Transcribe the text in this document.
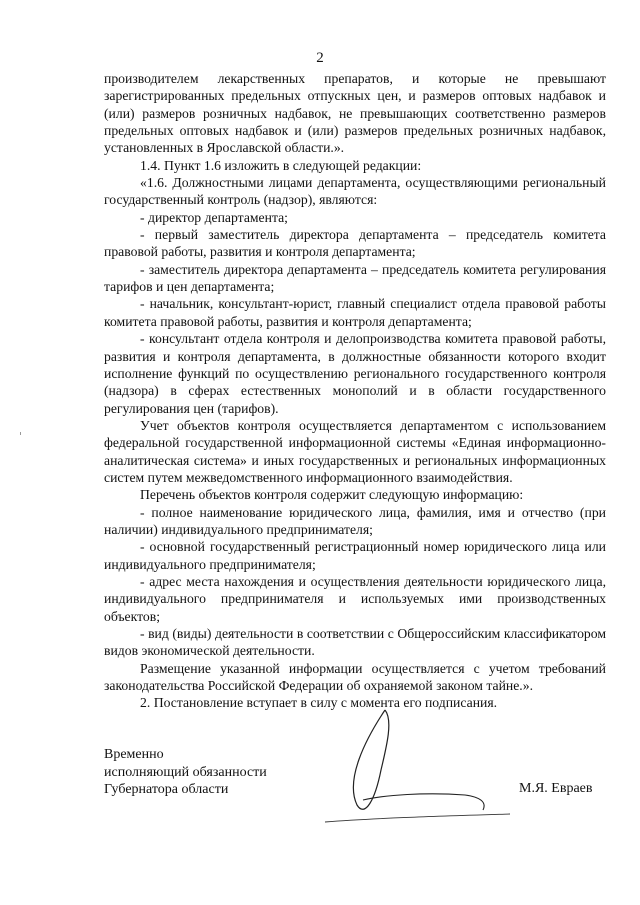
2

производителем лекарственных препаратов, и которые не превышают зарегистрированных предельных отпускных цен, и размеров оптовых надбавок и (или) размеров розничных надбавок, не превышающих соответственно размеров предельных оптовых надбавок и (или) размеров предельных розничных надбавок, установленных в Ярославской области.».

1.4. Пункт 1.6 изложить в следующей редакции:

«1.6. Должностными лицами департамента, осуществляющими региональный государственный контроль (надзор), являются:

- директор департамента;

- первый заместитель директора департамента – председатель комитета правовой работы, развития и контроля департамента;

- заместитель директора департамента – председатель комитета регулирования тарифов и цен департамента;

- начальник, консультант-юрист, главный специалист отдела правовой работы комитета правовой работы, развития и контроля департамента;

- консультант отдела контроля и делопроизводства комитета правовой работы, развития и контроля департамента, в должностные обязанности которого входит исполнение функций по осуществлению регионального государственного контроля (надзора) в сферах естественных монополий и в области государственного регулирования цен (тарифов).

Учет объектов контроля осуществляется департаментом с использованием федеральной государственной информационной системы «Единая информационно-аналитическая система» и иных государственных и региональных информационных систем путем межведомственного информационного взаимодействия.

Перечень объектов контроля содержит следующую информацию:

- полное наименование юридического лица, фамилия, имя и отчество (при наличии) индивидуального предпринимателя;

- основной государственный регистрационный номер юридического лица или индивидуального предпринимателя;

- адрес места нахождения и осуществления деятельности юридического лица, индивидуального предпринимателя и используемых ими производственных объектов;

- вид (виды) деятельности в соответствии с Общероссийским классификатором видов экономической деятельности.

Размещение указанной информации осуществляется с учетом требований законодательства Российской Федерации об охраняемой законом тайне.».

2. Постановление вступает в силу с момента его подписания.

Временно
исполняющий обязанности
Губернатора области	М.Я. Евраев
